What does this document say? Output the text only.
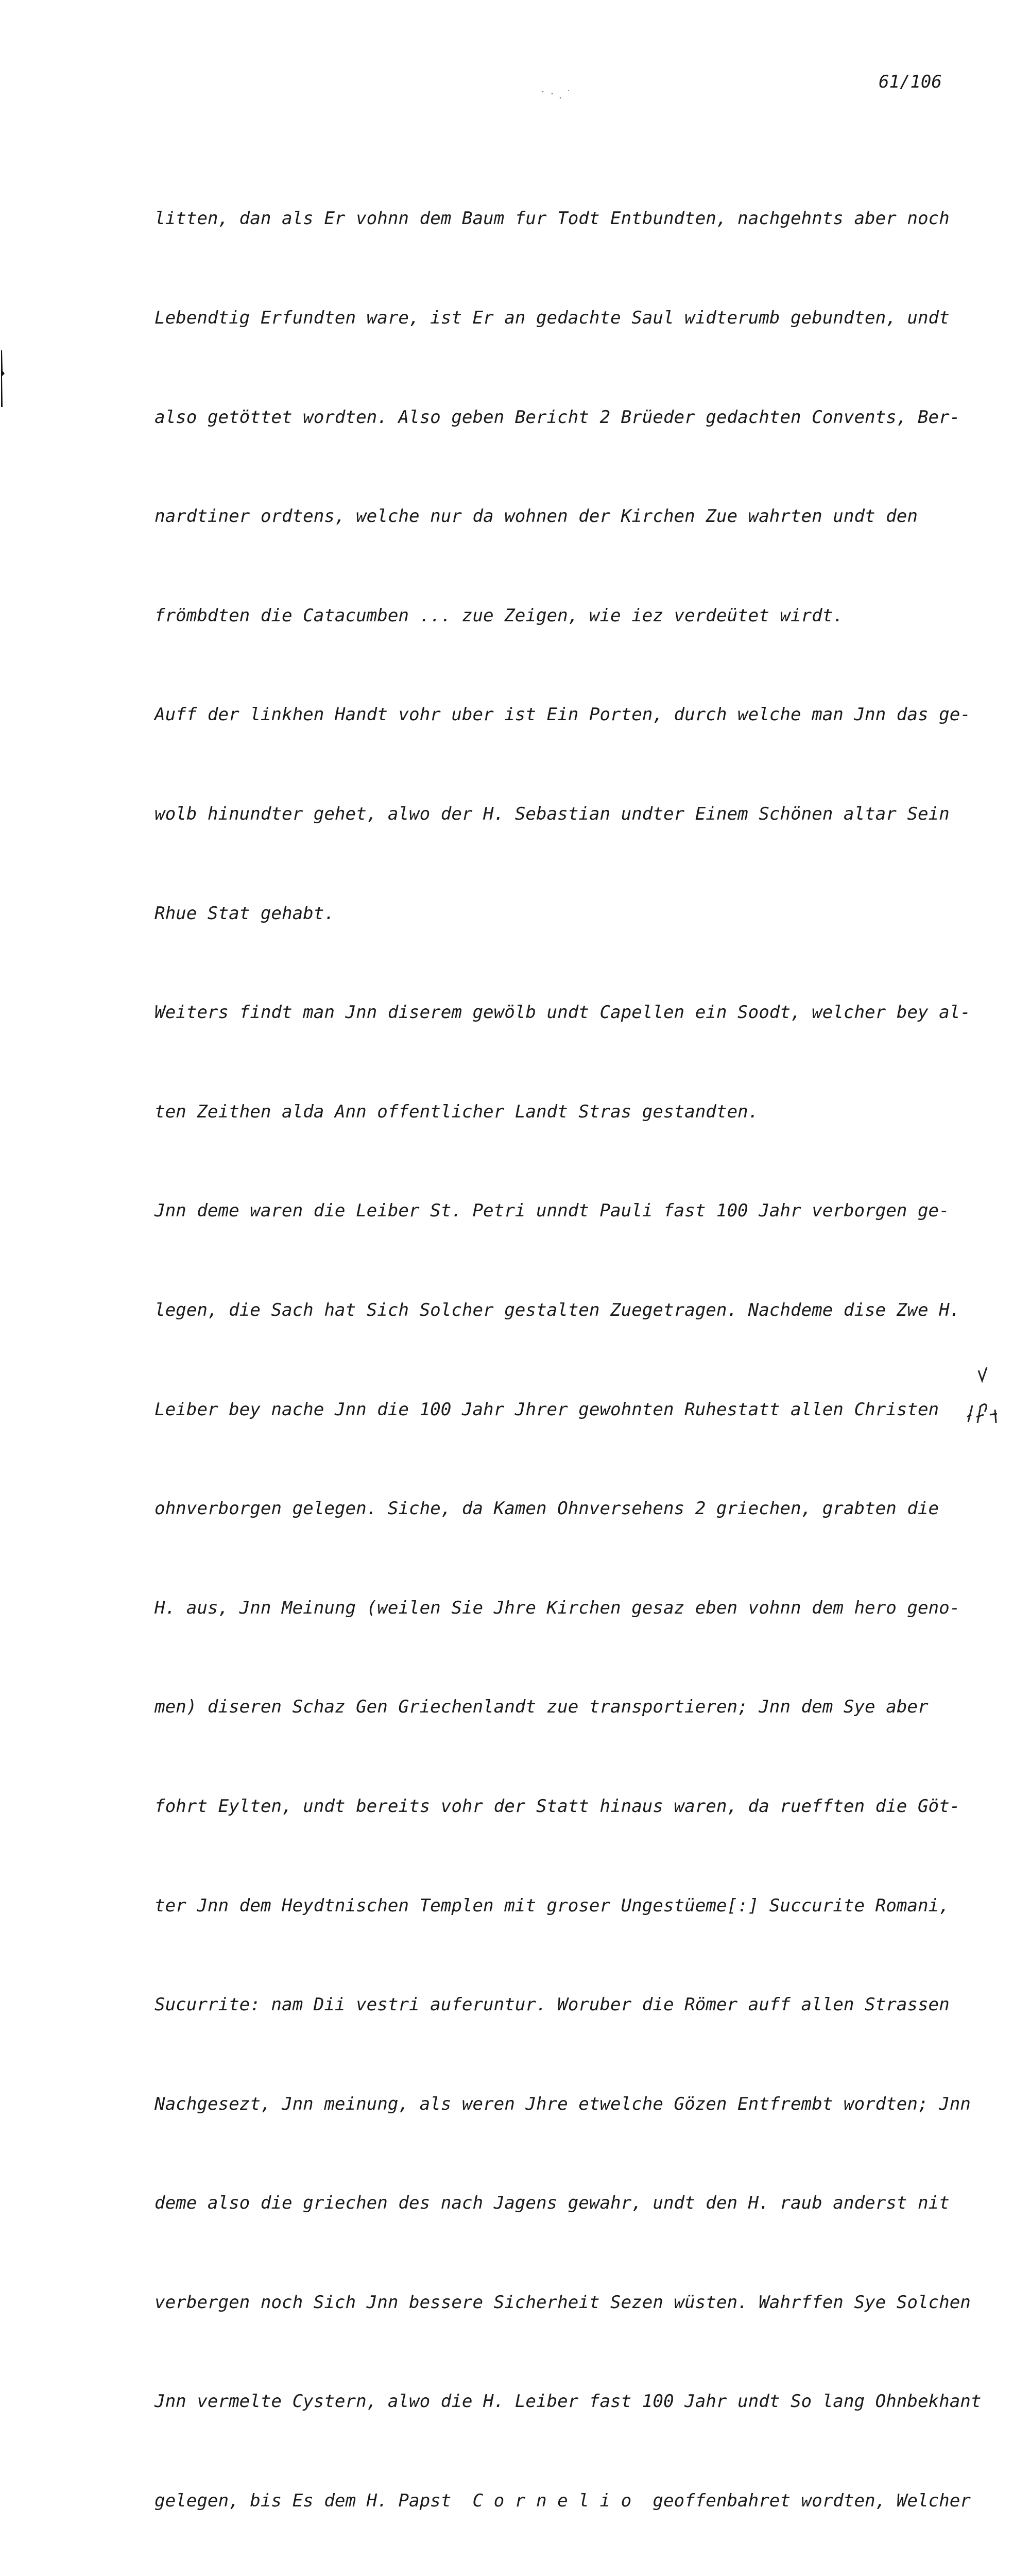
61/106

litten, dan als Er vohnn dem Baum fur Todt Entbundten, nachgehnts aber noch

Lebendtig Erfundten ware, ist Er an gedachte Saul widterumb gebundten, undt

also getöttet wordten. Also geben Bericht 2 Brüeder gedachten Convents, Ber-

nardtiner ordtens, welche nur da wohnen der Kirchen Zue wahrten undt den

frömbdten die Catacumben ... zue Zeigen, wie iez verdeütet wirdt.

Auff der linkhen Handt vohr uber ist Ein Porten, durch welche man Jnn das ge-

wolb hinundter gehet, alwo der H. Sebastian undter Einem Schönen altar Sein

Rhue Stat gehabt.

Weiters findt man Jnn diserem gewölb undt Capellen ein Soodt, welcher bey al-

ten Zeithen alda Ann offentlicher Landt Stras gestandten.

Jnn deme waren die Leiber St. Petri unndt Pauli fast 100 Jahr verborgen ge-

legen, die Sach hat Sich Solcher gestalten Zuegetragen. Nachdeme dise Zwe H.

Leiber bey nache Jnn die 100 Jahr Jhrer gewohnten Ruhestatt allen Christen

ohnverborgen gelegen. Siche, da Kamen Ohnversehens 2 griechen, grabten die

H. aus, Jnn Meinung (weilen Sie Jhre Kirchen gesaz eben vohnn dem hero geno-

men) diseren Schaz Gen Griechenlandt zue transportieren; Jnn dem Sye aber

fohrt Eylten, undt bereits vohr der Statt hinaus waren, da ruefften die Göt-

ter Jnn dem Heydtnischen Templen mit groser Ungestüeme[:] Succurite Romani,

Sucurrite: nam Dii vestri auferuntur. Woruber die Römer auff allen Strassen

Nachgesezt, Jnn meinung, als weren Jhre etwelche Gözen Entfrembt wordten; Jnn

deme also die griechen des nach Jagens gewahr, undt den H. raub anderst nit

verbergen noch Sich Jnn bessere Sicherheit Sezen wüsten. Wahrffen Sye Solchen

Jnn vermelte Cystern, alwo die H. Leiber fast 100 Jahr undt So lang Ohnbekhant

gelegen, bis Es dem H. Papst  C o r n e l i o  geoffenbahret wordten, Welcher
